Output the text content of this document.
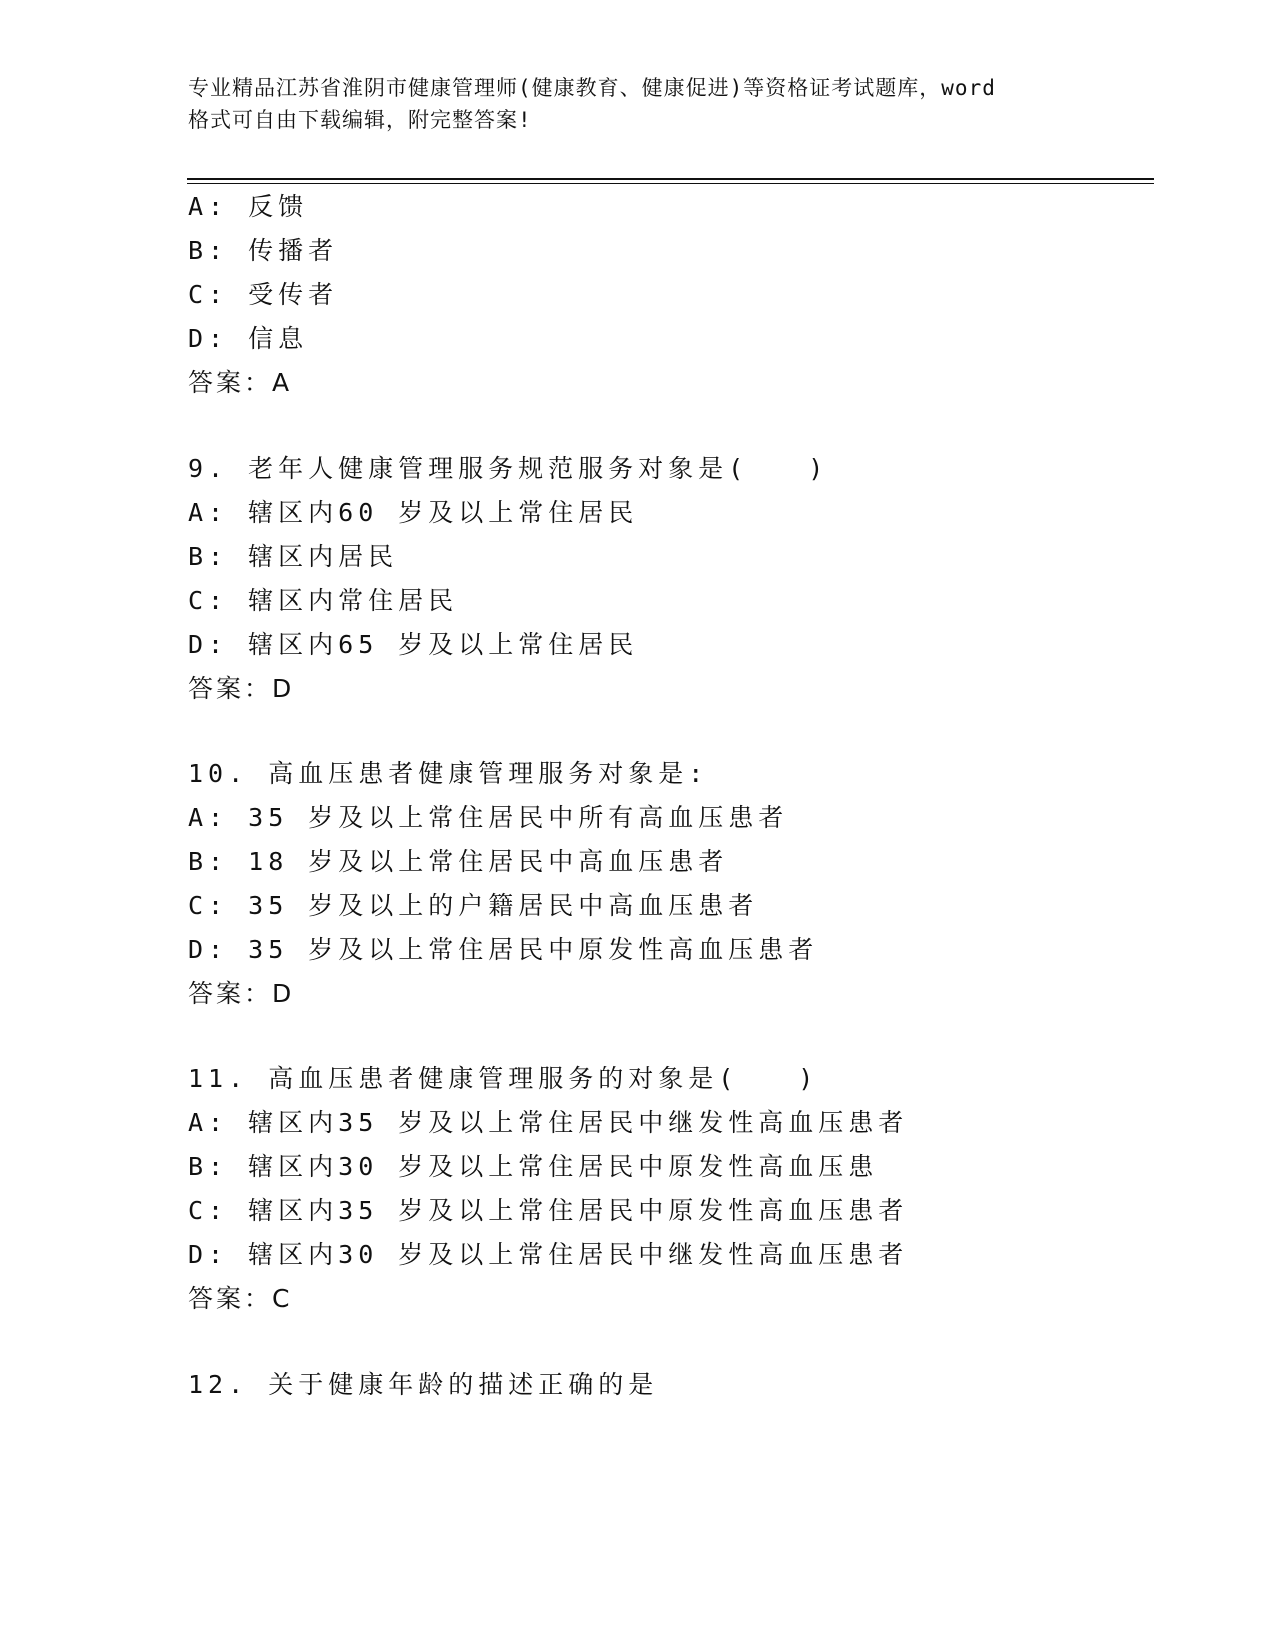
专业精品江苏省淮阴市健康管理师(健康教育、健康促进)等资格证考试题库，word
格式可自由下载编辑，附完整答案!
A: 反馈
B: 传播者
C: 受传者
D: 信息
答案：A
9. 老年人健康管理服务规范服务对象是(　　)
A: 辖区内60 岁及以上常住居民
B: 辖区内居民
C: 辖区内常住居民
D: 辖区内65 岁及以上常住居民
答案：D
10. 高血压患者健康管理服务对象是:
A: 35 岁及以上常住居民中所有高血压患者
B: 18 岁及以上常住居民中高血压患者
C: 35 岁及以上的户籍居民中高血压患者
D: 35 岁及以上常住居民中原发性高血压患者
答案：D
11. 高血压患者健康管理服务的对象是(　　)
A: 辖区内35 岁及以上常住居民中继发性高血压患者
B: 辖区内30 岁及以上常住居民中原发性高血压患
C: 辖区内35 岁及以上常住居民中原发性高血压患者
D: 辖区内30 岁及以上常住居民中继发性高血压患者
答案：C
12. 关于健康年龄的描述正确的是
